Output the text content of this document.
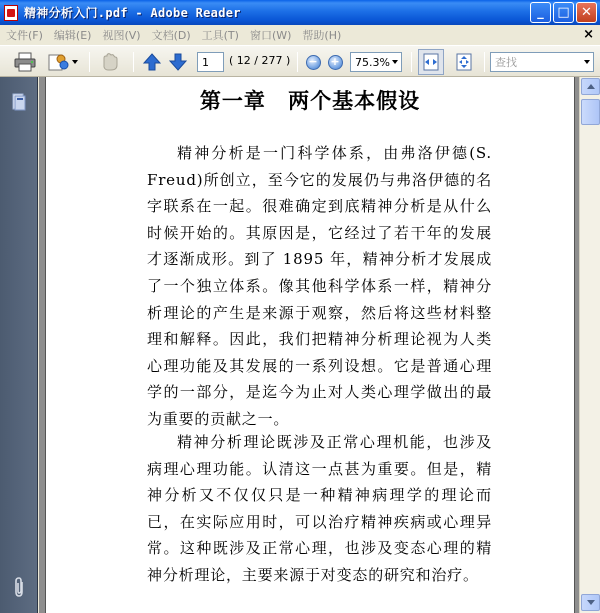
精神分析入门.pdf - Adobe Reader	_	□ ✕
文件(F)	编辑(E)	视图(V)	文档(D)	工具(T)	窗口(W)	帮助(H)	×
1	( 12 / 277 ) − + 75.3%	查找
第一章 两个基本假设

精神分析是一门科学体系，由弗洛伊德(S. Freud)所创立，至今它的发展仍与弗洛伊德的名字联系在一起。很难确定到底精神分析是从什么时候开始的。其原因是，它经过了若干年的发展才逐渐成形。到了 1895 年，精神分析才发展成了一个独立体系。像其他科学体系一样，精神分析理论的产生是来源于观察，然后将这些材料整理和解释。因此，我们把精神分析理论视为人类心理功能及其发展的一系列设想。它是普通心理学的一部分，是迄今为止对人类心理学做出的最为重要的贡献之一。

精神分析理论既涉及正常心理机能，也涉及病理心理功能。认清这一点甚为重要。但是，精神分析又不仅仅只是一种精神病理学的理论而已，在实际应用时，可以治疗精神疾病或心理异常。这种既涉及正常心理，也涉及变态心理的精神分析理论，主要来源于对变态的研究和治疗。
